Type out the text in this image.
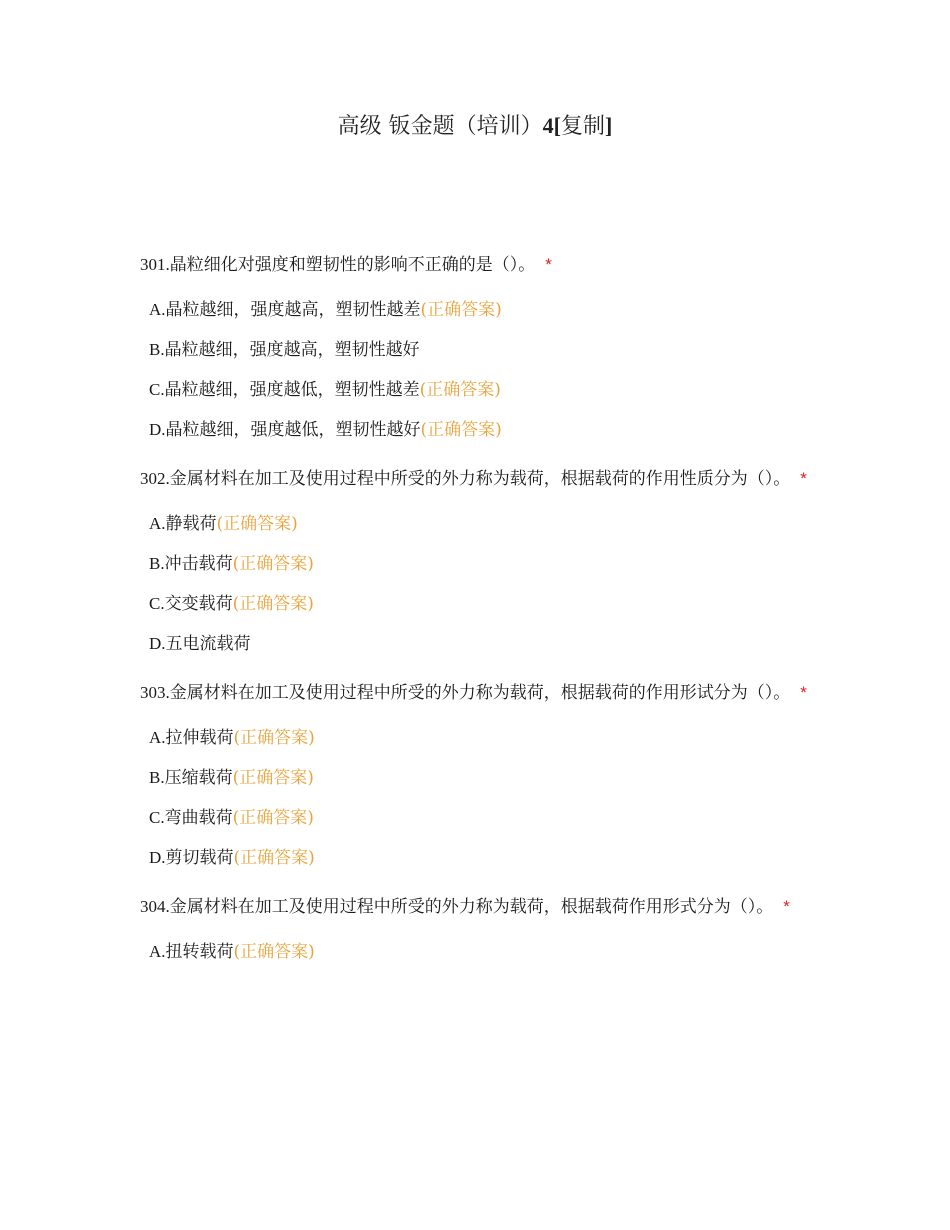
高级 钣金题（培训）4[复制]
301.晶粒细化对强度和塑韧性的影响不正确的是（）。 *
A.晶粒越细，强度越高，塑韧性越差(正确答案)
B.晶粒越细，强度越高，塑韧性越好
C.晶粒越细，强度越低，塑韧性越差(正确答案)
D.晶粒越细，强度越低，塑韧性越好(正确答案)
302.金属材料在加工及使用过程中所受的外力称为载荷，根据载荷的作用性质分为（）。 *
A.静载荷(正确答案)
B.冲击载荷(正确答案)
C.交变载荷(正确答案)
D.五电流载荷
303.金属材料在加工及使用过程中所受的外力称为载荷，根据载荷的作用形试分为（）。 *
A.拉伸载荷(正确答案)
B.压缩载荷(正确答案)
C.弯曲载荷(正确答案)
D.剪切载荷(正确答案)
304.金属材料在加工及使用过程中所受的外力称为载荷，根据载荷作用形式分为（）。 *
A.扭转载荷(正确答案)
